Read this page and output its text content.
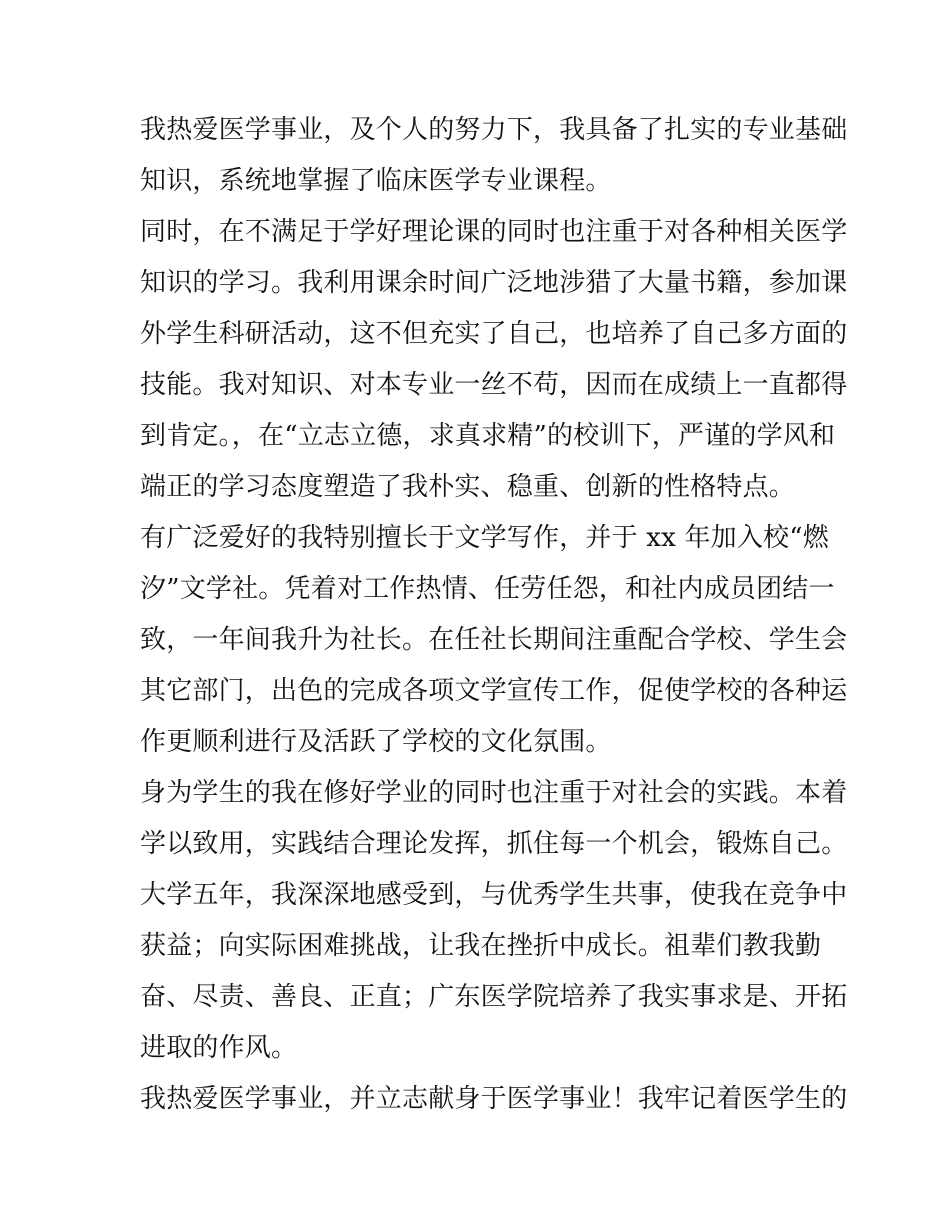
我热爱医学事业，及个人的努力下，我具备了扎实的专业基础
知识，系统地掌握了临床医学专业课程。
同时，在不满足于学好理论课的同时也注重于对各种相关医学
知识的学习。我利用课余时间广泛地涉猎了大量书籍，参加课
外学生科研活动，这不但充实了自己，也培养了自己多方面的
技能。我对知识、对本专业一丝不苟，因而在成绩上一直都得
到肯定。，在“立志立德，求真求精”的校训下，严谨的学风和
端正的学习态度塑造了我朴实、稳重、创新的性格特点。
有广泛爱好的我特别擅长于文学写作，并于 xx 年加入校“燃
汐”文学社。凭着对工作热情、任劳任怨，和社内成员团结一
致，一年间我升为社长。在任社长期间注重配合学校、学生会
其它部门，出色的完成各项文学宣传工作，促使学校的各种运
作更顺利进行及活跃了学校的文化氛围。
身为学生的我在修好学业的同时也注重于对社会的实践。本着
学以致用，实践结合理论发挥，抓住每一个机会，锻炼自己。
大学五年，我深深地感受到，与优秀学生共事，使我在竞争中
获益；向实际困难挑战，让我在挫折中成长。祖辈们教我勤
奋、尽责、善良、正直；广东医学院培养了我实事求是、开拓
进取的作风。
我热爱医学事业，并立志献身于医学事业！我牢记着医学生的
